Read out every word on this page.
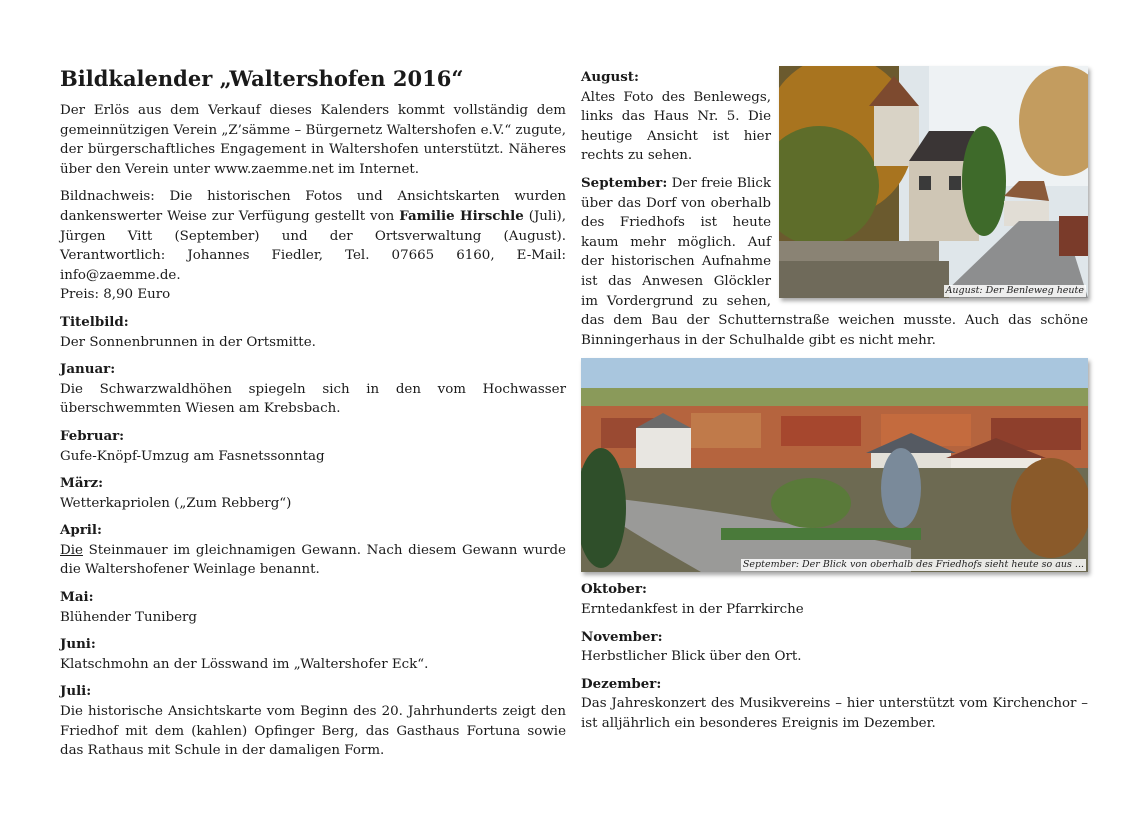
Bildkalender „Waltershofen 2016“

Der Erlös aus dem Verkauf dieses Kalenders kommt vollständig dem gemeinnützigen Verein „Z’sämme – Bürgernetz Waltershofen e.V.“ zugute, der bürgerschaftliches Engagement in Waltershofen unterstützt. Näheres über den Verein unter www.zaemme.net im Internet.

Bildnachweis: Die historischen Fotos und Ansichtskarten wurden dankenswerter Weise zur Verfügung gestellt von Familie Hirschle (Juli), Jürgen Vitt (September) und der Ortsverwaltung (August). Verantwortlich: Johannes Fiedler, Tel. 07665 6160, E-Mail: info@zaemme.de.

Preis: 8,90 Euro

Titelbild:

Der Sonnenbrunnen in der Ortsmitte.

Januar:

Die Schwarzwaldhöhen spiegeln sich in den vom Hochwasser überschwemmten Wiesen am Krebsbach.

Februar:

Gufe-Knöpf-Umzug am Fasnetssonntag

März:

Wetterkapriolen („Zum Rebberg“)

April:

Die Steinmauer im gleichnamigen Gewann. Nach diesem Gewann wurde die Waltershofener Weinlage benannt.

Mai:

Blühender Tuniberg

Juni:

Klatschmohn an der Lösswand im „Waltershofer Eck“.

Juli:

Die historische Ansichtskarte vom Beginn des 20. Jahrhunderts zeigt den Friedhof mit dem (kahlen) Opfinger Berg, das Gasthaus Fortuna sowie das Rathaus mit Schule in der damaligen Form.

August: Der Benleweg heute

August:
Altes Foto des Benlewegs, links das Haus Nr. 5. Die heutige Ansicht ist hier rechts zu sehen.

September: Der freie Blick über das Dorf von oberhalb des Friedhofs ist heute kaum mehr möglich. Auf der historischen Aufnahme ist das Anwesen Glöckler im Vordergrund zu sehen, das dem Bau der Schutternstraße weichen musste. Auch das schöne Binningerhaus in der Schulhalde gibt es nicht mehr.

September: Der Blick von oberhalb des Friedhofs sieht heute so aus ...
Oktober:

Erntedankfest in der Pfarrkirche

November:

Herbstlicher Blick über den Ort.

Dezember:

Das Jahreskonzert des Musikvereins – hier unterstützt vom Kirchenchor – ist alljährlich ein besonderes Ereignis im Dezember.
